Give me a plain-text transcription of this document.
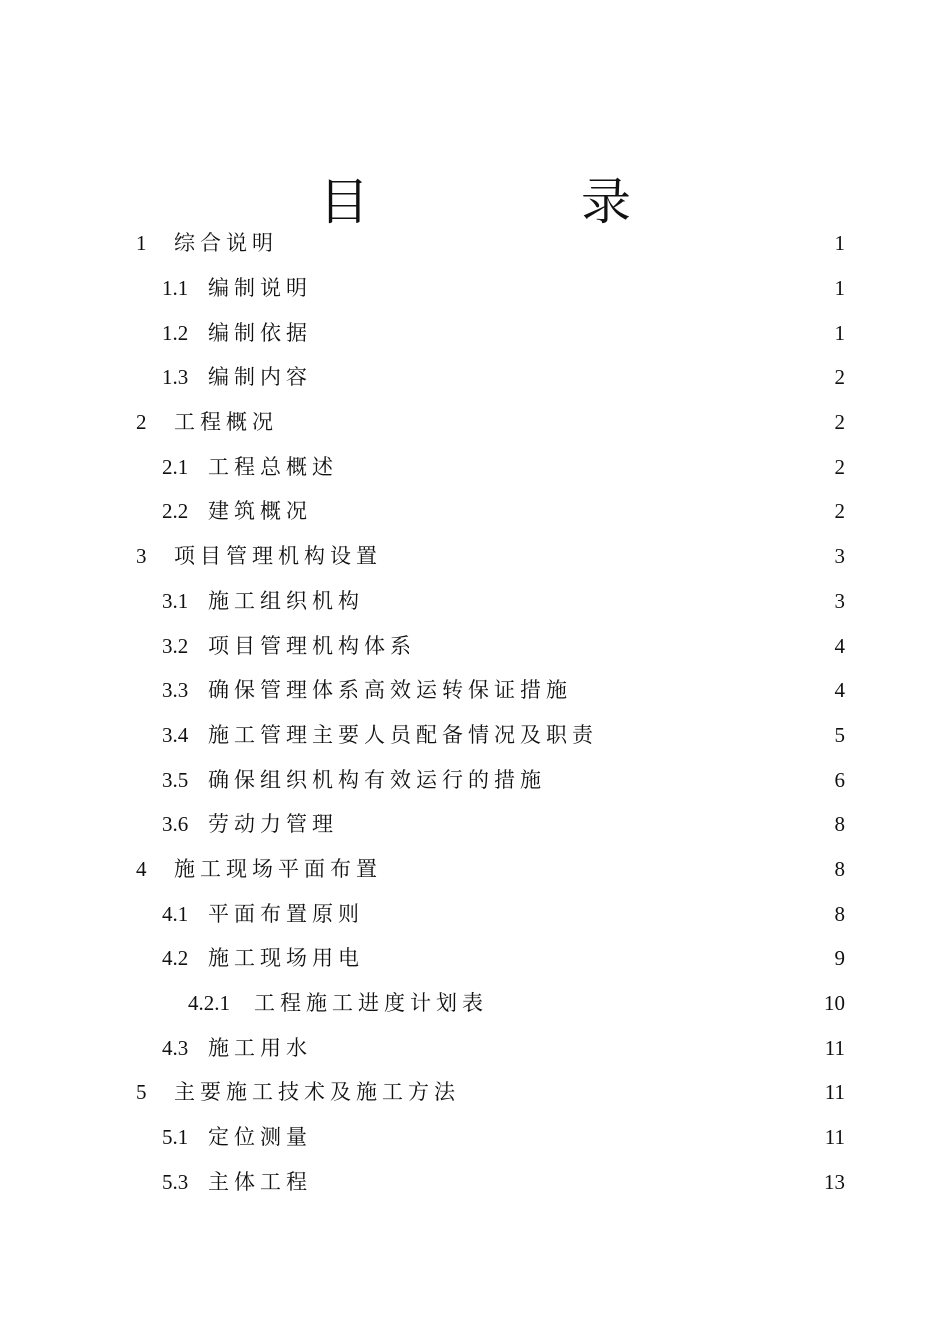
目 录
1	综合说明	1
1.1 编制说明	1
1.2 编制依据	1
1.3 编制内容	2
2	工程概况	2
2.1 工程总概述	2
2.2 建筑概况	2
3	项目管理机构设置	3
3.1 施工组织机构	3
3.2 项目管理机构体系	4
3.3 确保管理体系高效运转保证措施	4
3.4 施工管理主要人员配备情况及职责	5
3.5 确保组织机构有效运行的措施	6
3.6 劳动力管理	8
4	施工现场平面布置	8
4.1 平面布置原则	8
4.2 施工现场用电	9
4.2.1	工程施工进度计划表	10
4.3 施工用水	11
5	主要施工技术及施工方法	11
5.1 定位测量	11
5.3 主体工程	13
